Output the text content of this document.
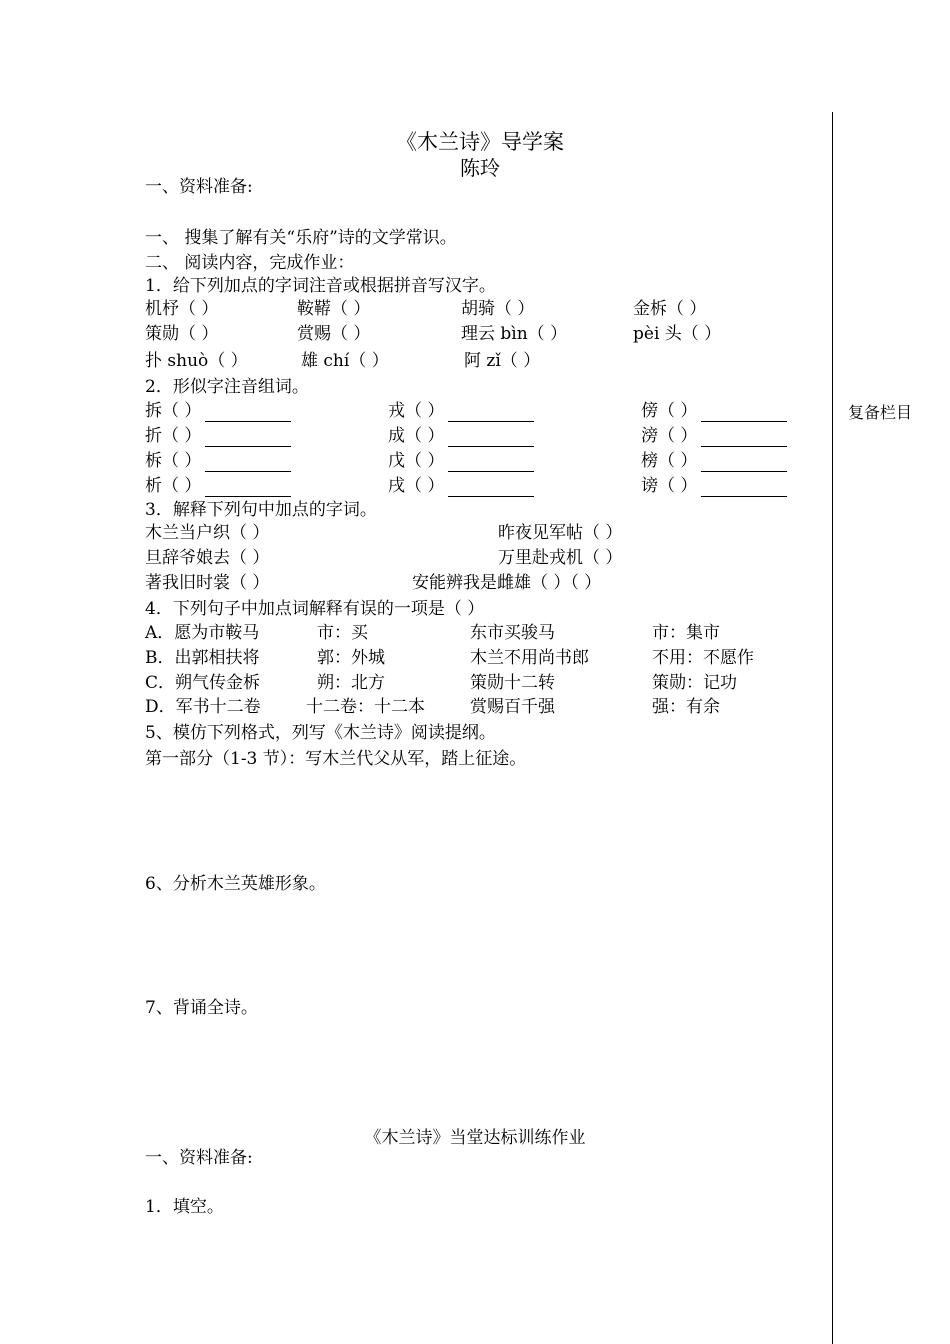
《木兰诗》导学案
陈玲
复备栏目
一、资料准备:
一、 搜集了解有关“乐府”诗的文学常识。
二、 阅读内容，完成作业：
1．给下列加点的字词注音或根据拼音写汉字。
机杼（ ）	鞍鞯（ ）	胡骑（ ）	金柝（ ）
策勋（ ）	赏赐（ ）	理云 bìn（ ）	pèi 头（ ）
扑 shuò（ ）	雄 chí（ ）	阿 zǐ（ ）
2．形似字注音组词。
拆（ ）	戎（ ）	傍（ ）
折（ ）	成（ ）	滂（ ）
柝（ ）	戊（ ）	榜（ ）
析（ ）	戌（ ）	谤（ ）
3．解释下列句中加点的字词。
木兰当户织（ ）	昨夜见军帖（ ）
旦辞爷娘去（ ）	万里赴戎机（ ）
著我旧时裳（ ）	安能辨我是雌雄（ ）（ ）
4．下列句子中加点词解释有误的一项是（ ）
A．愿为市鞍马	市：买	东市买骏马	市：集市
B．出郭相扶将	郭：外城	木兰不用尚书郎	不用：不愿作
C．朔气传金柝	朔：北方	策勋十二转	策勋：记功
D．军书十二卷	十二卷：十二本	赏赐百千强	强：有余
5、模仿下列格式，列写《木兰诗》阅读提纲。
第一部分（1-3 节）：写木兰代父从军，踏上征途。
6、分析木兰英雄形象。
7、背诵全诗。
《木兰诗》当堂达标训练作业
一、资料准备:
1．填空。
